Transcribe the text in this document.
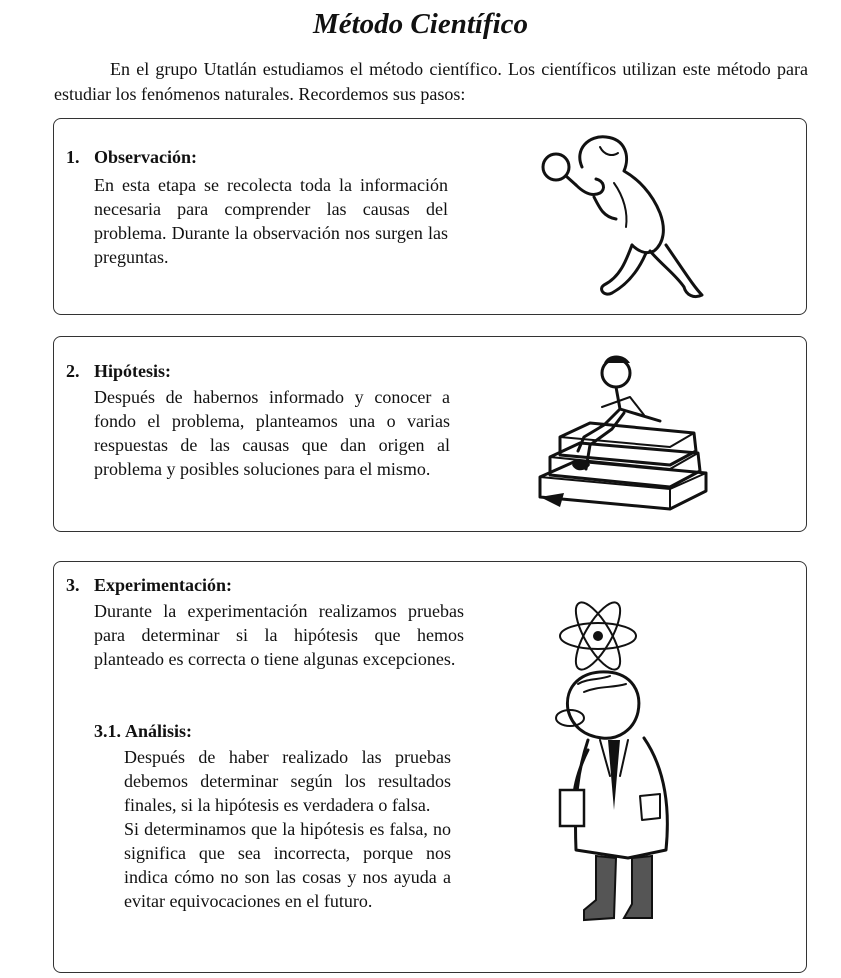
Método Científico

En el grupo Utatlán estudiamos el método científico. Los científicos utilizan este método para estudiar los fenómenos naturales. Recordemos sus pasos:

1. Observación:

En esta etapa se recolecta toda la información necesaria para comprender las causas del problema. Durante la observación nos surgen las preguntas.

2. Hipótesis:

Después de habernos informado y conocer a fondo el problema, planteamos una o varias respuestas de las causas que dan origen al problema y posibles soluciones para el mismo.

3. Experimentación:

Durante la experimentación realizamos pruebas para determinar si la hipótesis que hemos planteado es correcta o tiene algunas excepciones.

3.1. Análisis:

Después de haber realizado las pruebas debemos determinar según los resultados finales, si la hipótesis es verdadera o falsa.

Si determinamos que la hipótesis es falsa, no significa que sea incorrecta, porque nos indica cómo no son las cosas y nos ayuda a evitar equivocaciones en el futuro.
